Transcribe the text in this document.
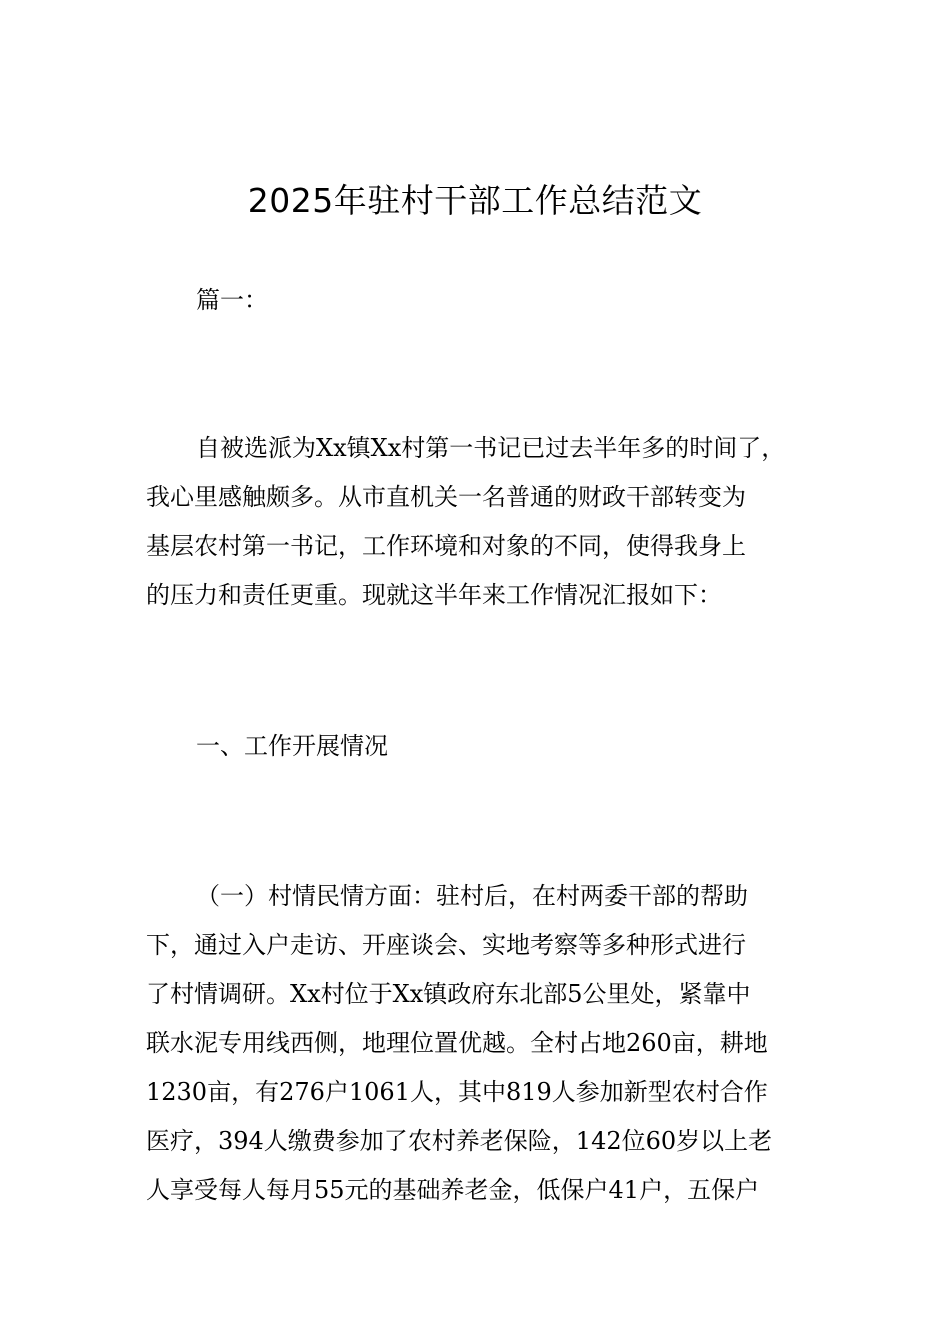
2025年驻村干部工作总结范文
篇一：
自被选派为Xx镇Xx村第一书记已过去半年多的时间了，
我心里感触颇多。从市直机关一名普通的财政干部转变为
基层农村第一书记，工作环境和对象的不同，使得我身上
的压力和责任更重。现就这半年来工作情况汇报如下：
一、工作开展情况
（一）村情民情方面：驻村后，在村两委干部的帮助
下，通过入户走访、开座谈会、实地考察等多种形式进行
了村情调研。Xx村位于Xx镇政府东北部5公里处，紧靠中
联水泥专用线西侧，地理位置优越。全村占地260亩，耕地
1230亩，有276户1061人，其中819人参加新型农村合作
医疗，394人缴费参加了农村养老保险，142位60岁以上老
人享受每人每月55元的基础养老金，低保户41户，五保户
